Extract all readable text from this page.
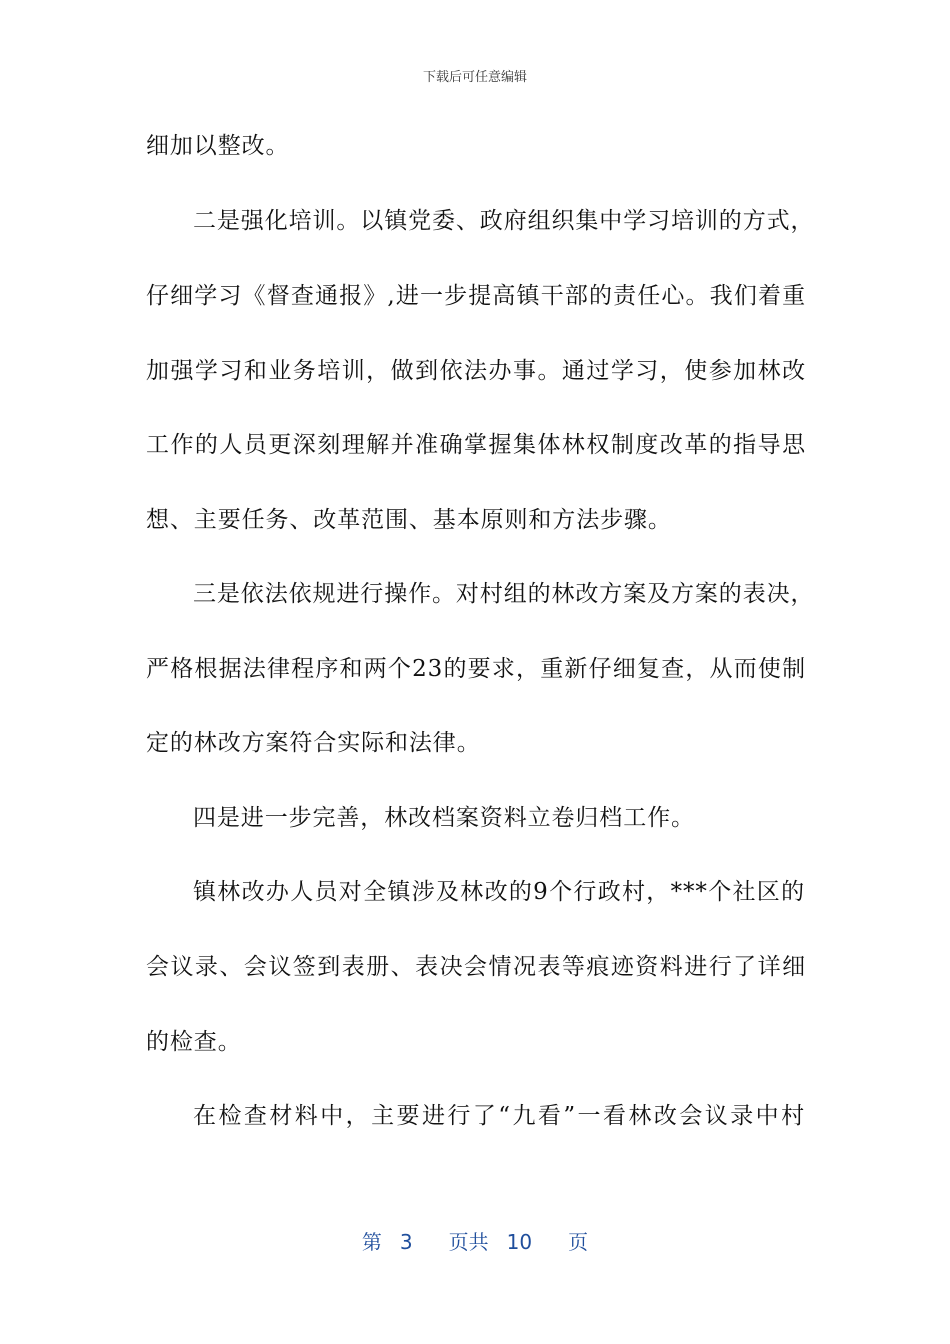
下载后可任意编辑
细加以整改。
二是强化培训。以镇党委、政府组织集中学习培训的方式，
仔细学习《督查通报》,进一步提高镇干部的责任心。我们着重
加强学习和业务培训，做到依法办事。通过学习，使参加林改
工作的人员更深刻理解并准确掌握集体林权制度改革的指导思
想、主要任务、改革范围、基本原则和方法步骤。
三是依法依规进行操作。对村组的林改方案及方案的表决，
严格根据法律程序和两个23的要求，重新仔细复查，从而使制
定的林改方案符合实际和法律。
四是进一步完善，林改档案资料立卷归档工作。
镇林改办人员对全镇涉及林改的9个行政村，***个社区的
会议录、会议签到表册、表决会情况表等痕迹资料进行了详细
的检查。
在检查材料中，主要进行了“九看”一看林改会议录中村
第 3 页共 10 页
